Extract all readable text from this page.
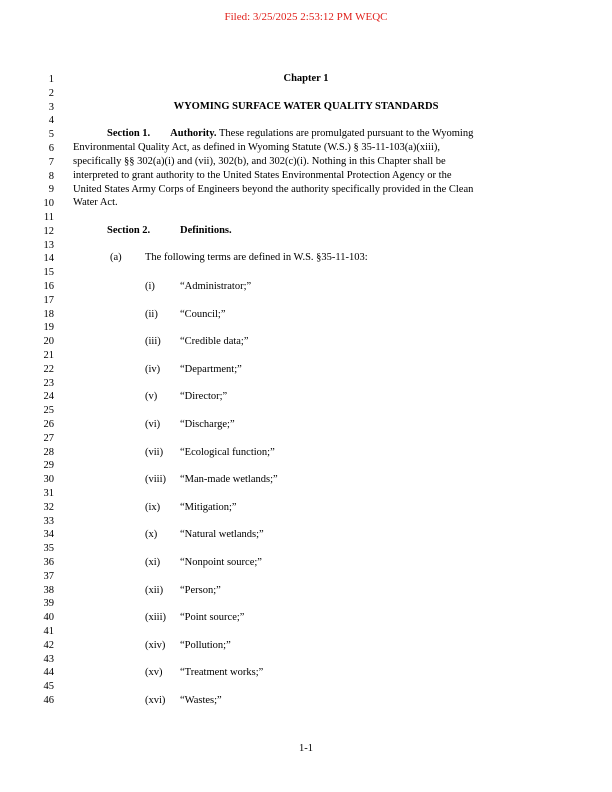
Filed: 3/25/2025 2:53:12 PM WEQC
1
2
3
4
5
6
7
8
9
10
11
12
13
14
15
16
17
18
19
20
21
22
23
24
25
26
27
28
29
30
31
32
33
34
35
36
37
38
39
40
41
42
43
44
45
46
Chapter 1
WYOMING SURFACE WATER QUALITY STANDARDS
Section 1. Authority. These regulations are promulgated pursuant to the Wyoming
Environmental Quality Act, as defined in Wyoming Statute (W.S.) § 35-11-103(a)(xiii),
specifically §§ 302(a)(i) and (vii), 302(b), and 302(c)(i). Nothing in this Chapter shall be
interpreted to grant authority to the United States Environmental Protection Agency or the
United States Army Corps of Engineers beyond the authority specifically provided in the Clean
Water Act.
Section 2.	Definitions.
(a) The following terms are defined in W.S. §35-11-103:
(i) “Administrator;”
(ii) “Council;”
(iii) “Credible data;”
(iv) “Department;”
(v) “Director;”
(vi) “Discharge;”
(vii) “Ecological function;”
(viii) “Man-made wetlands;”
(ix) “Mitigation;”
(x) “Natural wetlands;”
(xi) “Nonpoint source;”
(xii) “Person;”
(xiii) “Point source;”
(xiv) “Pollution;”
(xv) “Treatment works;”
(xvi) “Wastes;”
1-1
